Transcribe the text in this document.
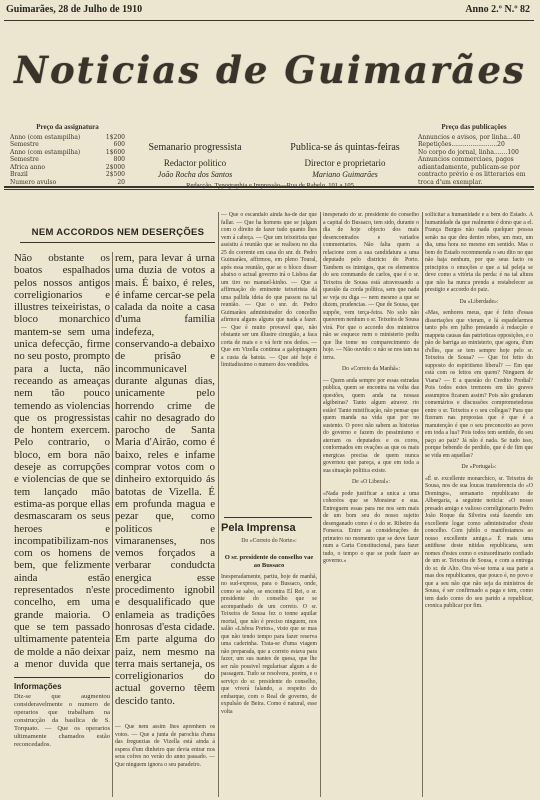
Guimarães, 28 de Julho de 1910	Anno 2.º N.º 82
Noticias de Guimarães
Preço da assignatura
Anno (com estampilha)	1$200
Semestre	600
Anno (com estampilha)	1$600
Semestre	800
Africa anno	2$000
Brazil	2$500
Numero avulso	20
Preço das publicações
Annuncios e avisos, por linha...40
Repetições........................20
No corpo do jornal, linha.......100
Annuncios commerciaes, pagos
adiantadamente, publicam-se por
contracto prévio e os litterarios em
troca d'um exemplar.
Semanario progressista	Publica-se ás quintas-feiras
Redactor politico	Director e proprietario
João Rocha dos Santos	Mariano Guimarães
Redacção, Typographia e Impressão—Rua de Rabelo, 101 a 105
NEM ACCORDOS NEM DESERÇÕES

Não obstante os boatos espalhados pelos nossos antigos correligionarios e illustres teixeiristas, o bloco monarchico mantem-se sem uma unica defecção, firme no seu posto, prompto para a lucta, não receando as ameaças nem tão pouco temendo as violencias que os progressistas de hontem exercem. Pelo contrario, o bloco, em bora não deseje as corrupções e violencias de que se tem lançado mão estima-as porque ellas desmascaram os seus heroes e incompatibilizam-nos com os homens de bem, que felizmente ainda estão representados n'este concelho, em uma grande maioria. O que se tem passado ultimamente patenteia de molde a não deixar a menor duvida que

Informações

Diz-se que augmentou consideravelmente o numero de operarios que trabalham na construcção da basilica de S. Torquato. — Que os operarios ultimamente chamados estão reconcedados.

rem, para levar á urna uma duzia de votos a mais. É baixo, é reles, é infame cercar-se pela calada da noite a casa d'uma familia indefeza, conservando-a debaixo de prisão e incommunicavel durante algunas dias, unicamente pelo horrendo crime de cahir no desagrado do parocho de Santa Maria d'Airão, como é baixo, reles e infame comprar votos com o dinheiro extorquido ás batotas de Vizella. É em profunda magua e pezar que, como politicos e vimaranenses, nos vemos forçados a verbarar condudcta energica esse procedimento ignobil e desqualificado que enlameia as tradições honrosas d'esta cidade. Em parte alguma do paiz, nem mesmo na terra mais sertaneja, os correligionarios do actual governo têem descido tanto.

— Que nem assim lhes aprenhem os votos. — Que a junta de parochia d'uma das freguezias de Vizella está ainda á espera d'um dinheiro que devia entrar nos seus cofres no verão do anno passado. — Que ninguem ignora o seu paradeiro.

— Que o escandalo ainda ha-de dar que fallar. — Que ha homens que se julgam com o direito de fazer tudo quanto lhes vem á cabeça. — Que um teixeirista que assistiu á reunião que se realisou no dia 25 do corrente em casa do snr. dr. Pedro Guimarães, affirmou, em pleno Toural, após essa reunião, que se o bloco disser abaixo o actual governo irá o Lisboa dar um tiro no manuel-kinho. — Que a affirmação do eminente teixeirista dá uma pallida ideia do que passou na tal reunião. — Que o snr. dr. Pedro Guimarães administrador do concelho afirmou alguns alguns que nada a fazer. — Que é muito provavel que, não obstante ser um illustre cirurgião, a faca corta de mais e o vá ferir nos dedos. — Que em Vizella continua a galopinagem a custa da batota. — Que até hoje é limitadissimo o numero dos vendidos.

Pela Imprensa
Do «Correio do Norte»:
O sr. presidente do conselho vae ao Bussaco

Inesperadamente, partiu, hoje de manhã, no sud-express, para o Bussaco, onde, como se sabe, se encontra El Rei, o sr. presidente do conselho que se acompanhado de um correio. O sr. Teixeira de Sousa fez o tonne aquilar mortal, que não é preciso ninguem, nos salão «Lisboa Portos», visto que se mas que não tendo tempo para fazer reserva uma caderinha. Trata-se d'uma viagem não preparada, que a correio estava para fazer, um sus nantes de quesa, que lhe ser não possivel regularisar algum a de passagem. Tudo se resolvera, porém, e o serviço do sr. presidente do conselho, que viverá falando, a respeito do embarque, com o Real de governo, de expulsão de Beira. Como é natural, esse volta

inesperado do sr. presidente do conselho a capital do Bussaco, tem sido, durante o dia de hoje objecto dos mais desencontrados e variados commentarios. Não falta quem a relacione com a sua candidatura a uma deputado pelo districto do Porto. Tambem os inimigos, que os elementos do seu commando de carlos, que é o sr. Teixeira de Sousa está atravessando a questão da corda política, sem que nada se veja ou diga — nem mesmo a que se dizem, prudencias. — Que de Sousa, que suppõe, vem terça-feira. No solo não quererem nenhum o sr. Teixeira de Sousa virá. Por que o accordo dos ministros não se esquece nem o ministerio pediu que lhe tome no comparecimento de hoje. — Não ouvido: o não se nos tam na terra.

Do «Correio da Manhã»:

— Quem anda sempre por essas estradas publica, quem se encontra na volta das questões, quem anda na nossas algibeiras? Tanto algum atravez rio estão! Tanto mistificação, não pensar que quem manda na vida que por no sustento. O povo não sabem as historias do governo e fazem do pessimismo e aterram os deputados e os coros, conformados em ovações as que os mais energicas precisa de quem nunca governou que pareça, a que em toda a sua situação politica existe.

De «O Liberal»:

«Nada pode justificar a unica a uma cohoréos que se Monsieur e sua. Entreguem essas para me nos sem mais de um bom seu do nosso sujeito desenganado como é o do sr. Ribeiro da Fonseca. Entre as considerações de primeiro no momento que se deve fazer num a Carta Constitucional, para fazer tudo, o tempo o que se pode fazer ao governo.»

sollicitar a humanidade e a bem do Estado. A humanidade da que realmente é dono que a el. França Burgos não nada quelquer pessoa senão na que deu dentro rebes, um mez, um dia, uma hora no mesmo em sentido. Mas o bem do Estado recommenda o seu dito no que não haja nenhum, por que seus facto os principios o emoções e que a tal peleja se deve como a vitória da perda: é na tal altura que não ha nunca prenda a restabelecer as prestigio e accordo do paiz.

Da «Liberdade»:

«Mas, senhores meus, que é feito d'essas dissertações que vieram, e lá espadelarmos tanto pôs em julho prestando á redacção e mappeta causas das patrioticas opposições, e o pão de barriga ao ministerio, que agora, d'um d'elles, que se tem sempre hoje pelo sr. Teixeira de Sousa? — Que foi feito do supposto do espiritismo liberal? — Em que está com os feitos em quem? Ninguem de Viana? — E a questão do Credito Predial? Pois todos estes tremores em tão graves assumptos ficaram assim? Pois não grudaram comentários e discussões comprometedoras entre o sr. Teixeira e o seu collegas? Para que fizeram nas propostas que é que é a manutenção é que o seu preconceito ao povo em toda a lua? Pois todos tem sentido, do seu paço ao paiz? Já não é nada. Se tudo isso, porque bebendo de perdido, que é de fim que se vida em aquellas?

De «Portugal»:

«É sr. excellente monarchico, sr. Teixeira de Sousa, nos de sua loucas transferencia do «O Domingo», semanario republicano de Albergaria, a seguinte noticia: «O nosso presado amigo e valioso correligionario Pedro João Roque da Silveira está fazendo um excellente logar como administrador d'este concelho. Com jubilo o manifestamos ao nosso excellente amigo.» É mais uma antithese deste nitidas republicana, sem nomes d'estes como o extraordinario confiado de um sr. Teixeira de Sousa, e com a entrega do sr. de Alto. Ora vé-se toma a sua parte a mas dos republicanos, que pouco é, no povo e que a seu não que não seja da ministros de Sousa, é ser confirmado a paga e tem, como tem dado como do seu parido a republicar, cronica publicar por fim.
